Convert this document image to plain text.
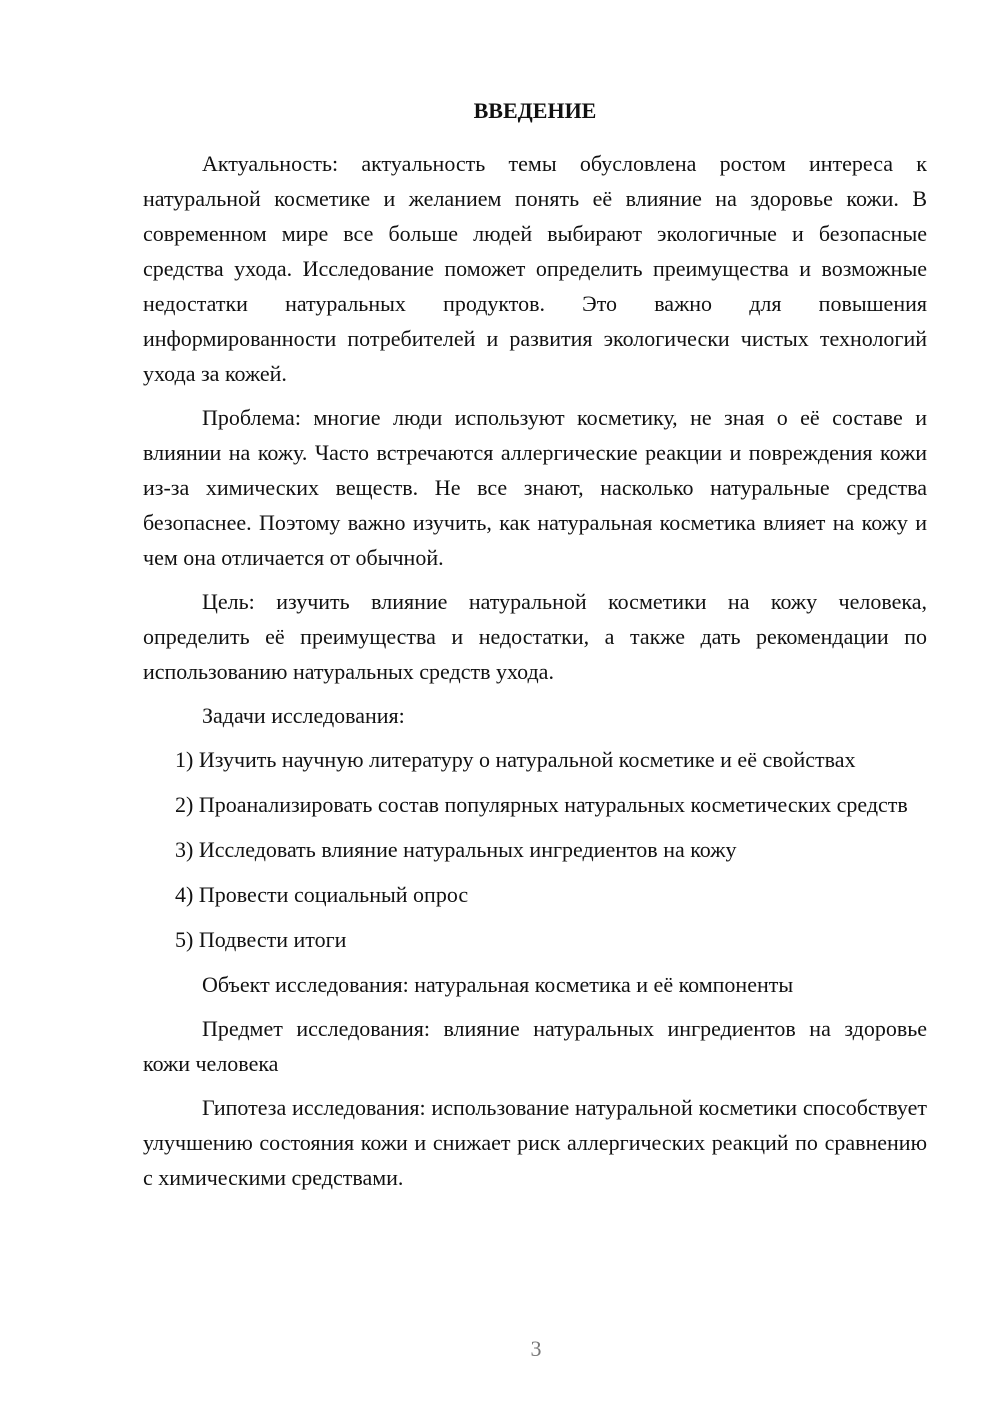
ВВЕДЕНИЕ

Актуальность: актуальность темы обусловлена ростом интереса к натуральной косметике и желанием понять её влияние на здоровье кожи. В современном мире все больше людей выбирают экологичные и безопасные средства ухода. Исследование поможет определить преимущества и возможные недостатки натуральных продуктов. Это важно для повышения информированности потребителей и развития экологически чистых технологий ухода за кожей.

Проблема: многие люди используют косметику, не зная о её составе и влиянии на кожу. Часто встречаются аллергические реакции и повреждения кожи из-за химических веществ. Не все знают, насколько натуральные средства безопаснее. Поэтому важно изучить, как натуральная косметика влияет на кожу и чем она отличается от обычной.

Цель: изучить влияние натуральной косметики на кожу человека, определить её преимущества и недостатки, а также дать рекомендации по использованию натуральных средств ухода.

Задачи исследования:

1) Изучить научную литературу о натуральной косметике и её свойствах

2) Проанализировать состав популярных натуральных косметических средств

3) Исследовать влияние натуральных ингредиентов на кожу

4) Провести социальный опрос

5) Подвести итоги

Объект исследования: натуральная косметика и её компоненты

Предмет исследования: влияние натуральных ингредиентов на здоровье кожи человека

Гипотеза исследования: использование натуральной косметики способствует улучшению состояния кожи и снижает риск аллергических реакций по сравнению с химическими средствами.

3
